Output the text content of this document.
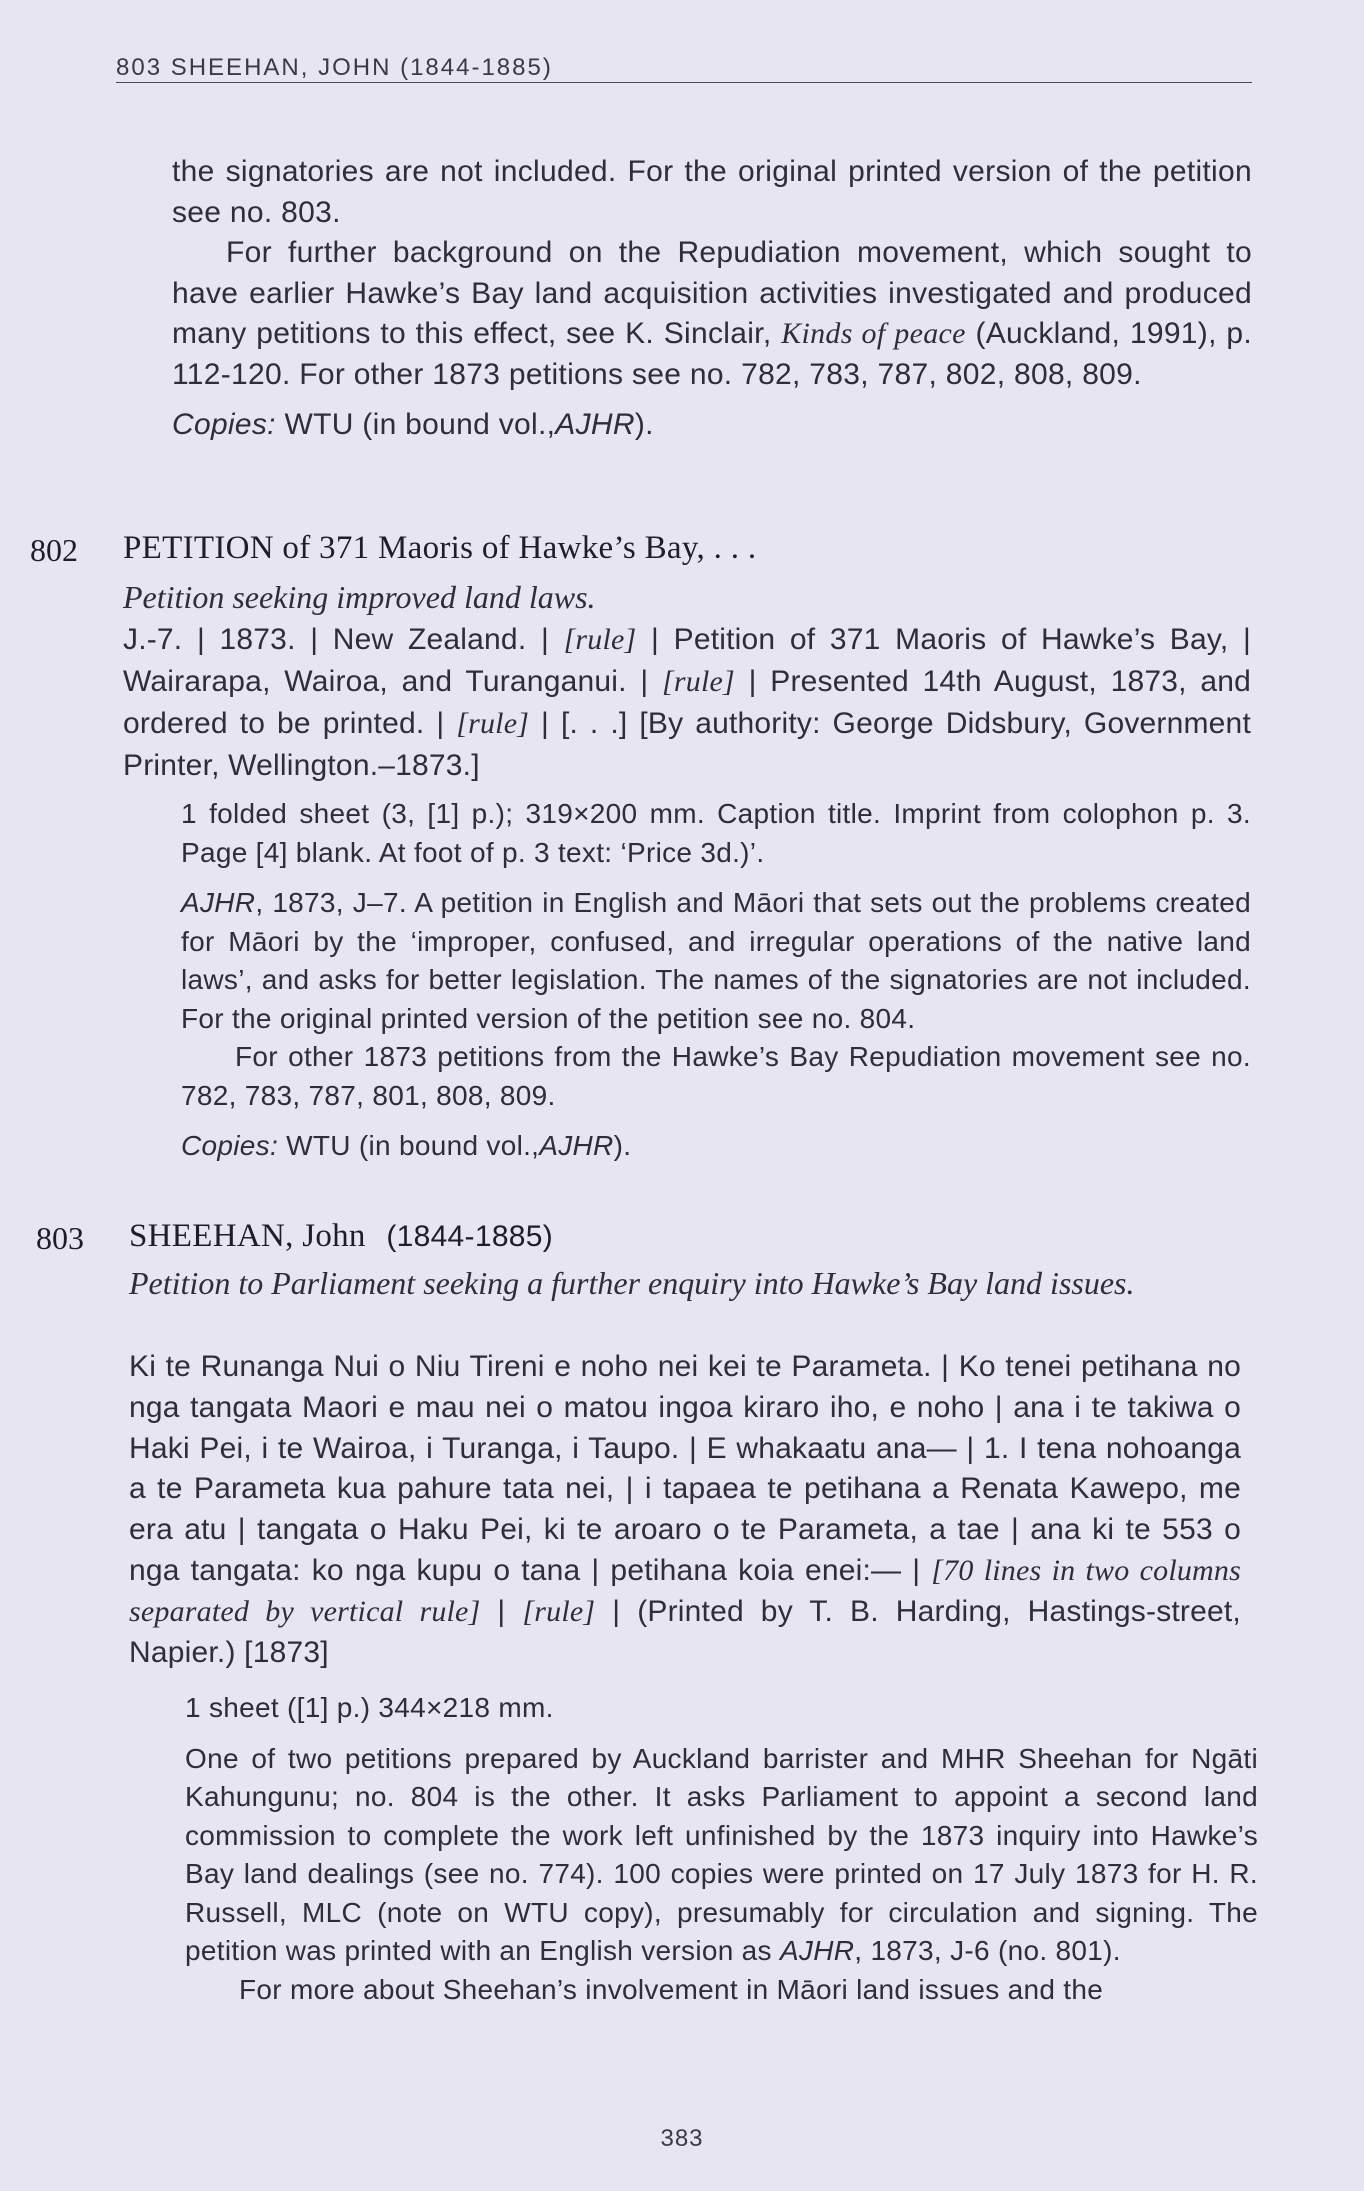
803 SHEEHAN, JOHN (1844-1885)

the signatories are not included. For the original printed version of the petition see no. 803.

For further background on the Repudiation movement, which sought to have earlier Hawke’s Bay land acquisition activities investigated and produced many petitions to this effect, see K. Sinclair, Kinds of peace (Auckland, 1991), p. 112-120. For other 1873 petitions see no. 782, 783, 787, 802, 808, 809.

Copies: WTU (in bound vol.,AJHR).

802 PETITION of 371 Maoris of Hawke’s Bay, . . .
Petition seeking improved land laws.

J.-7. | 1873. | New Zealand. | [rule] | Petition of 371 Maoris of Hawke’s Bay, | Wairarapa, Wairoa, and Turanganui. | [rule] | Presented 14th August, 1873, and ordered to be printed. | [rule] | [. . .] [By authority: George Didsbury, Government Printer, Wellington.–1873.]

1 folded sheet (3, [1] p.); 319×200 mm. Caption title. Imprint from colophon p. 3. Page [4] blank. At foot of p. 3 text: ‘Price 3d.)’.

AJHR, 1873, J–7. A petition in English and Māori that sets out the problems created for Māori by the ‘improper, confused, and irregular operations of the native land laws’, and asks for better legislation. The names of the signatories are not included. For the original printed version of the petition see no. 804.

For other 1873 petitions from the Hawke’s Bay Repudiation movement see no. 782, 783, 787, 801, 808, 809.

Copies: WTU (in bound vol.,AJHR).

803 SHEEHAN, John (1844-1885)
Petition to Parliament seeking a further enquiry into Hawke’s Bay land issues.

Ki te Runanga Nui o Niu Tireni e noho nei kei te Parameta. | Ko tenei petihana no nga tangata Maori e mau nei o matou ingoa kiraro iho, e noho | ana i te takiwa o Haki Pei, i te Wairoa, i Turanga, i Taupo. | E whakaatu ana— | 1. I tena nohoanga a te Parameta kua pahure tata nei, | i tapaea te petihana a Renata Kawepo, me era atu | tangata o Haku Pei, ki te aroaro o te Parameta, a tae | ana ki te 553 o nga tangata: ko nga kupu o tana | petihana koia enei:— | [70 lines in two columns separated by vertical rule] | [rule] | (Printed by T. B. Harding, Hastings-street, Napier.) [1873]

1 sheet ([1] p.) 344×218 mm.

One of two petitions prepared by Auckland barrister and MHR Sheehan for Ngāti Kahungunu; no. 804 is the other. It asks Parliament to appoint a second land commission to complete the work left unfinished by the 1873 inquiry into Hawke’s Bay land dealings (see no. 774). 100 copies were printed on 17 July 1873 for H. R. Russell, MLC (note on WTU copy), presumably for circulation and signing. The petition was printed with an English version as AJHR, 1873, J-6 (no. 801).

For more about Sheehan’s involvement in Māori land issues and the

383
